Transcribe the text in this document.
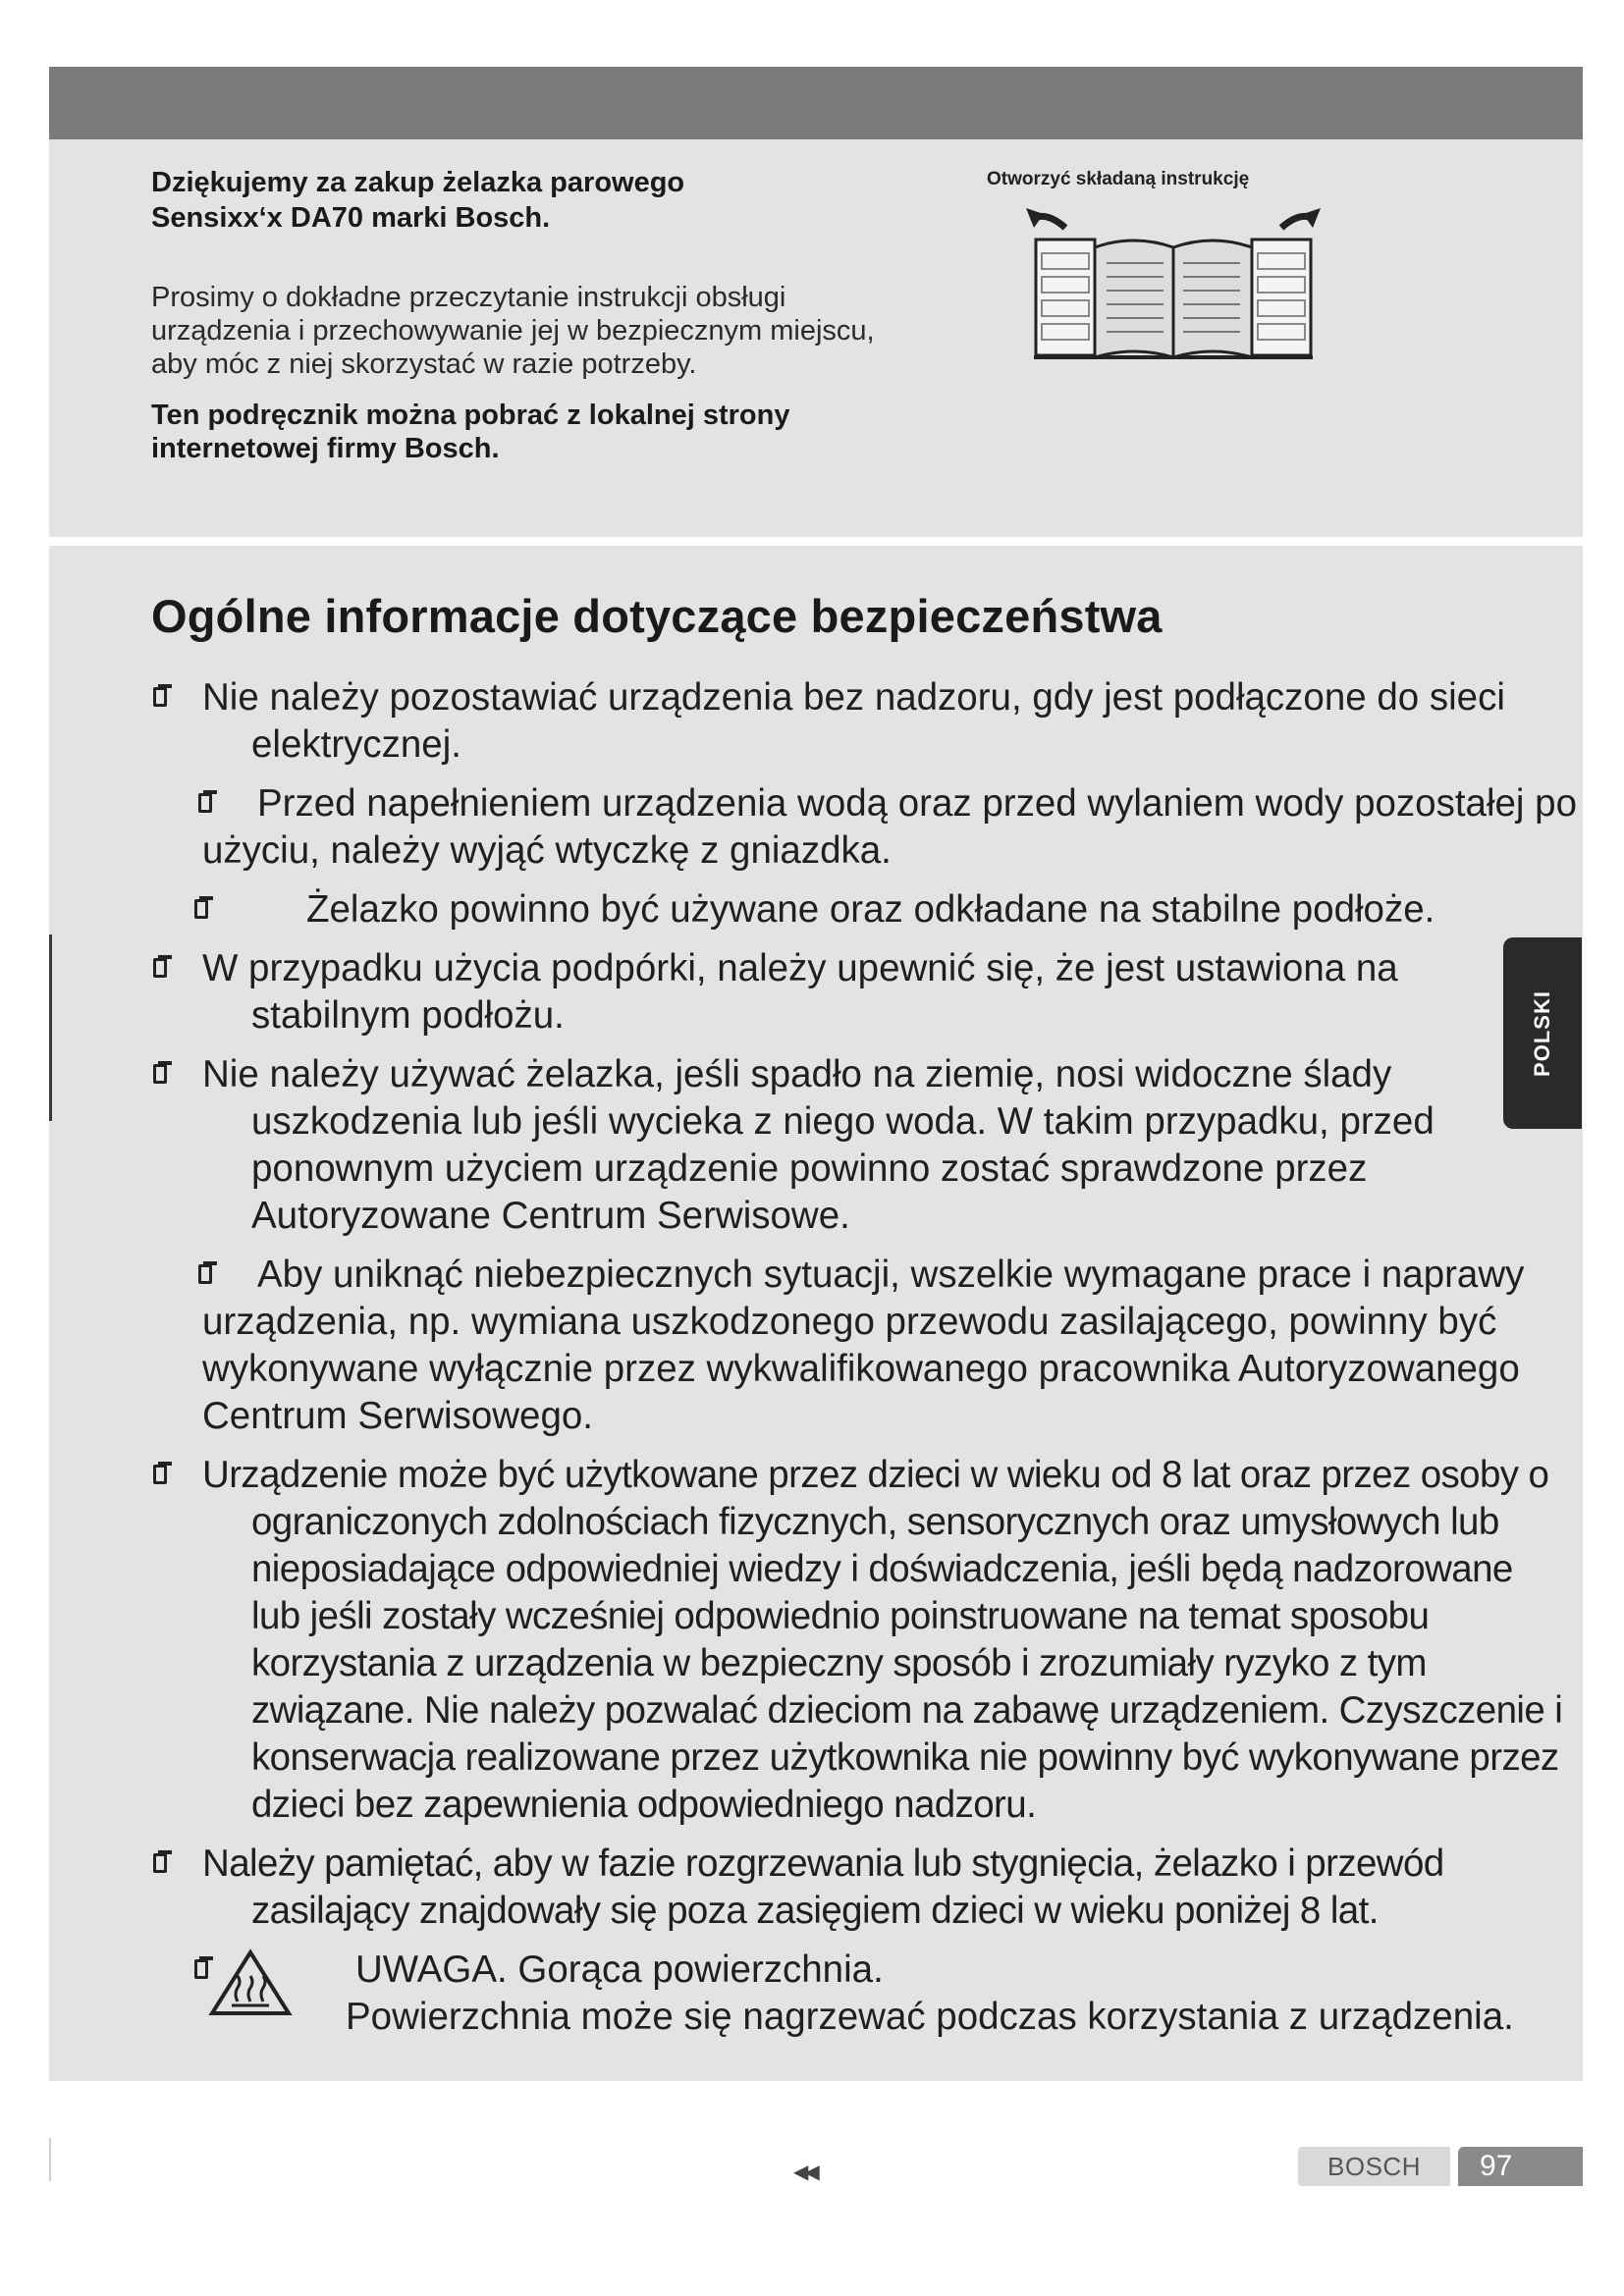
PL • Instrukcja obsługi
Dziękujemy za zakup żelazka parowego Sensixx‘x DA70 marki Bosch.
Prosimy o dokładne przeczytanie instrukcji obsługi urządzenia i przechowywanie jej w bezpiecznym miejscu, aby móc z niej skorzystać w razie potrzeby.
Ten podręcznik można pobrać z lokalnej strony internetowej firmy Bosch.
Otworzyć składaną instrukcję
Ogólne informacje dotyczące bezpieczeństwa
Nie należy pozostawiać urządzenia bez nadzoru, gdy jest podłączone do sieci elektrycznej.
Przed napełnieniem urządzenia wodą oraz przed wylaniem wody pozostałej po użyciu, należy wyjąć wtyczkę z gniazdka.
Żelazko powinno być używane oraz odkładane na stabilne podłoże.
W przypadku użycia podpórki, należy upewnić się, że jest ustawiona na stabilnym podłożu.
Nie należy używać żelazka, jeśli spadło na ziemię, nosi widoczne ślady uszkodzenia lub jeśli wycieka z niego woda. W takim przypadku, przed ponownym użyciem urządzenie powinno zostać sprawdzone przez Autoryzowane Centrum Serwisowe.
Aby uniknąć niebezpiecznych sytuacji, wszelkie wymagane prace i naprawy urządzenia, np. wymiana uszkodzonego przewodu zasilającego, powinny być wykonywane wyłącznie przez wykwalifikowanego pracownika Autoryzowanego Centrum Serwisowego.
Urządzenie może być użytkowane przez dzieci w wieku od 8 lat oraz przez osoby o ograniczonych zdolnościach fizycznych, sensorycznych oraz umysłowych lub nieposiadające odpowiedniej wiedzy i doświadczenia, jeśli będą nadzorowane lub jeśli zostały wcześniej odpowiednio poinstruowane na temat sposobu korzystania z urządzenia w bezpieczny sposób i zrozumiały ryzyko z tym związane. Nie należy pozwalać dzieciom na zabawę urządzeniem. Czyszczenie i konserwacja realizowane przez użytkownika nie powinny być wykonywane przez dzieci bez zapewnienia odpowiedniego nadzoru.
Należy pamiętać, aby w fazie rozgrzewania lub stygnięcia, żelazko i przewód zasilający znajdowały się poza zasięgiem dzieci w wieku poniżej 8 lat.
UWAGA. Gorąca powierzchnia.
Powierzchnia może się nagrzewać podczas korzystania z urządzenia.
POLSKI
◀◀	BOSCH	97
